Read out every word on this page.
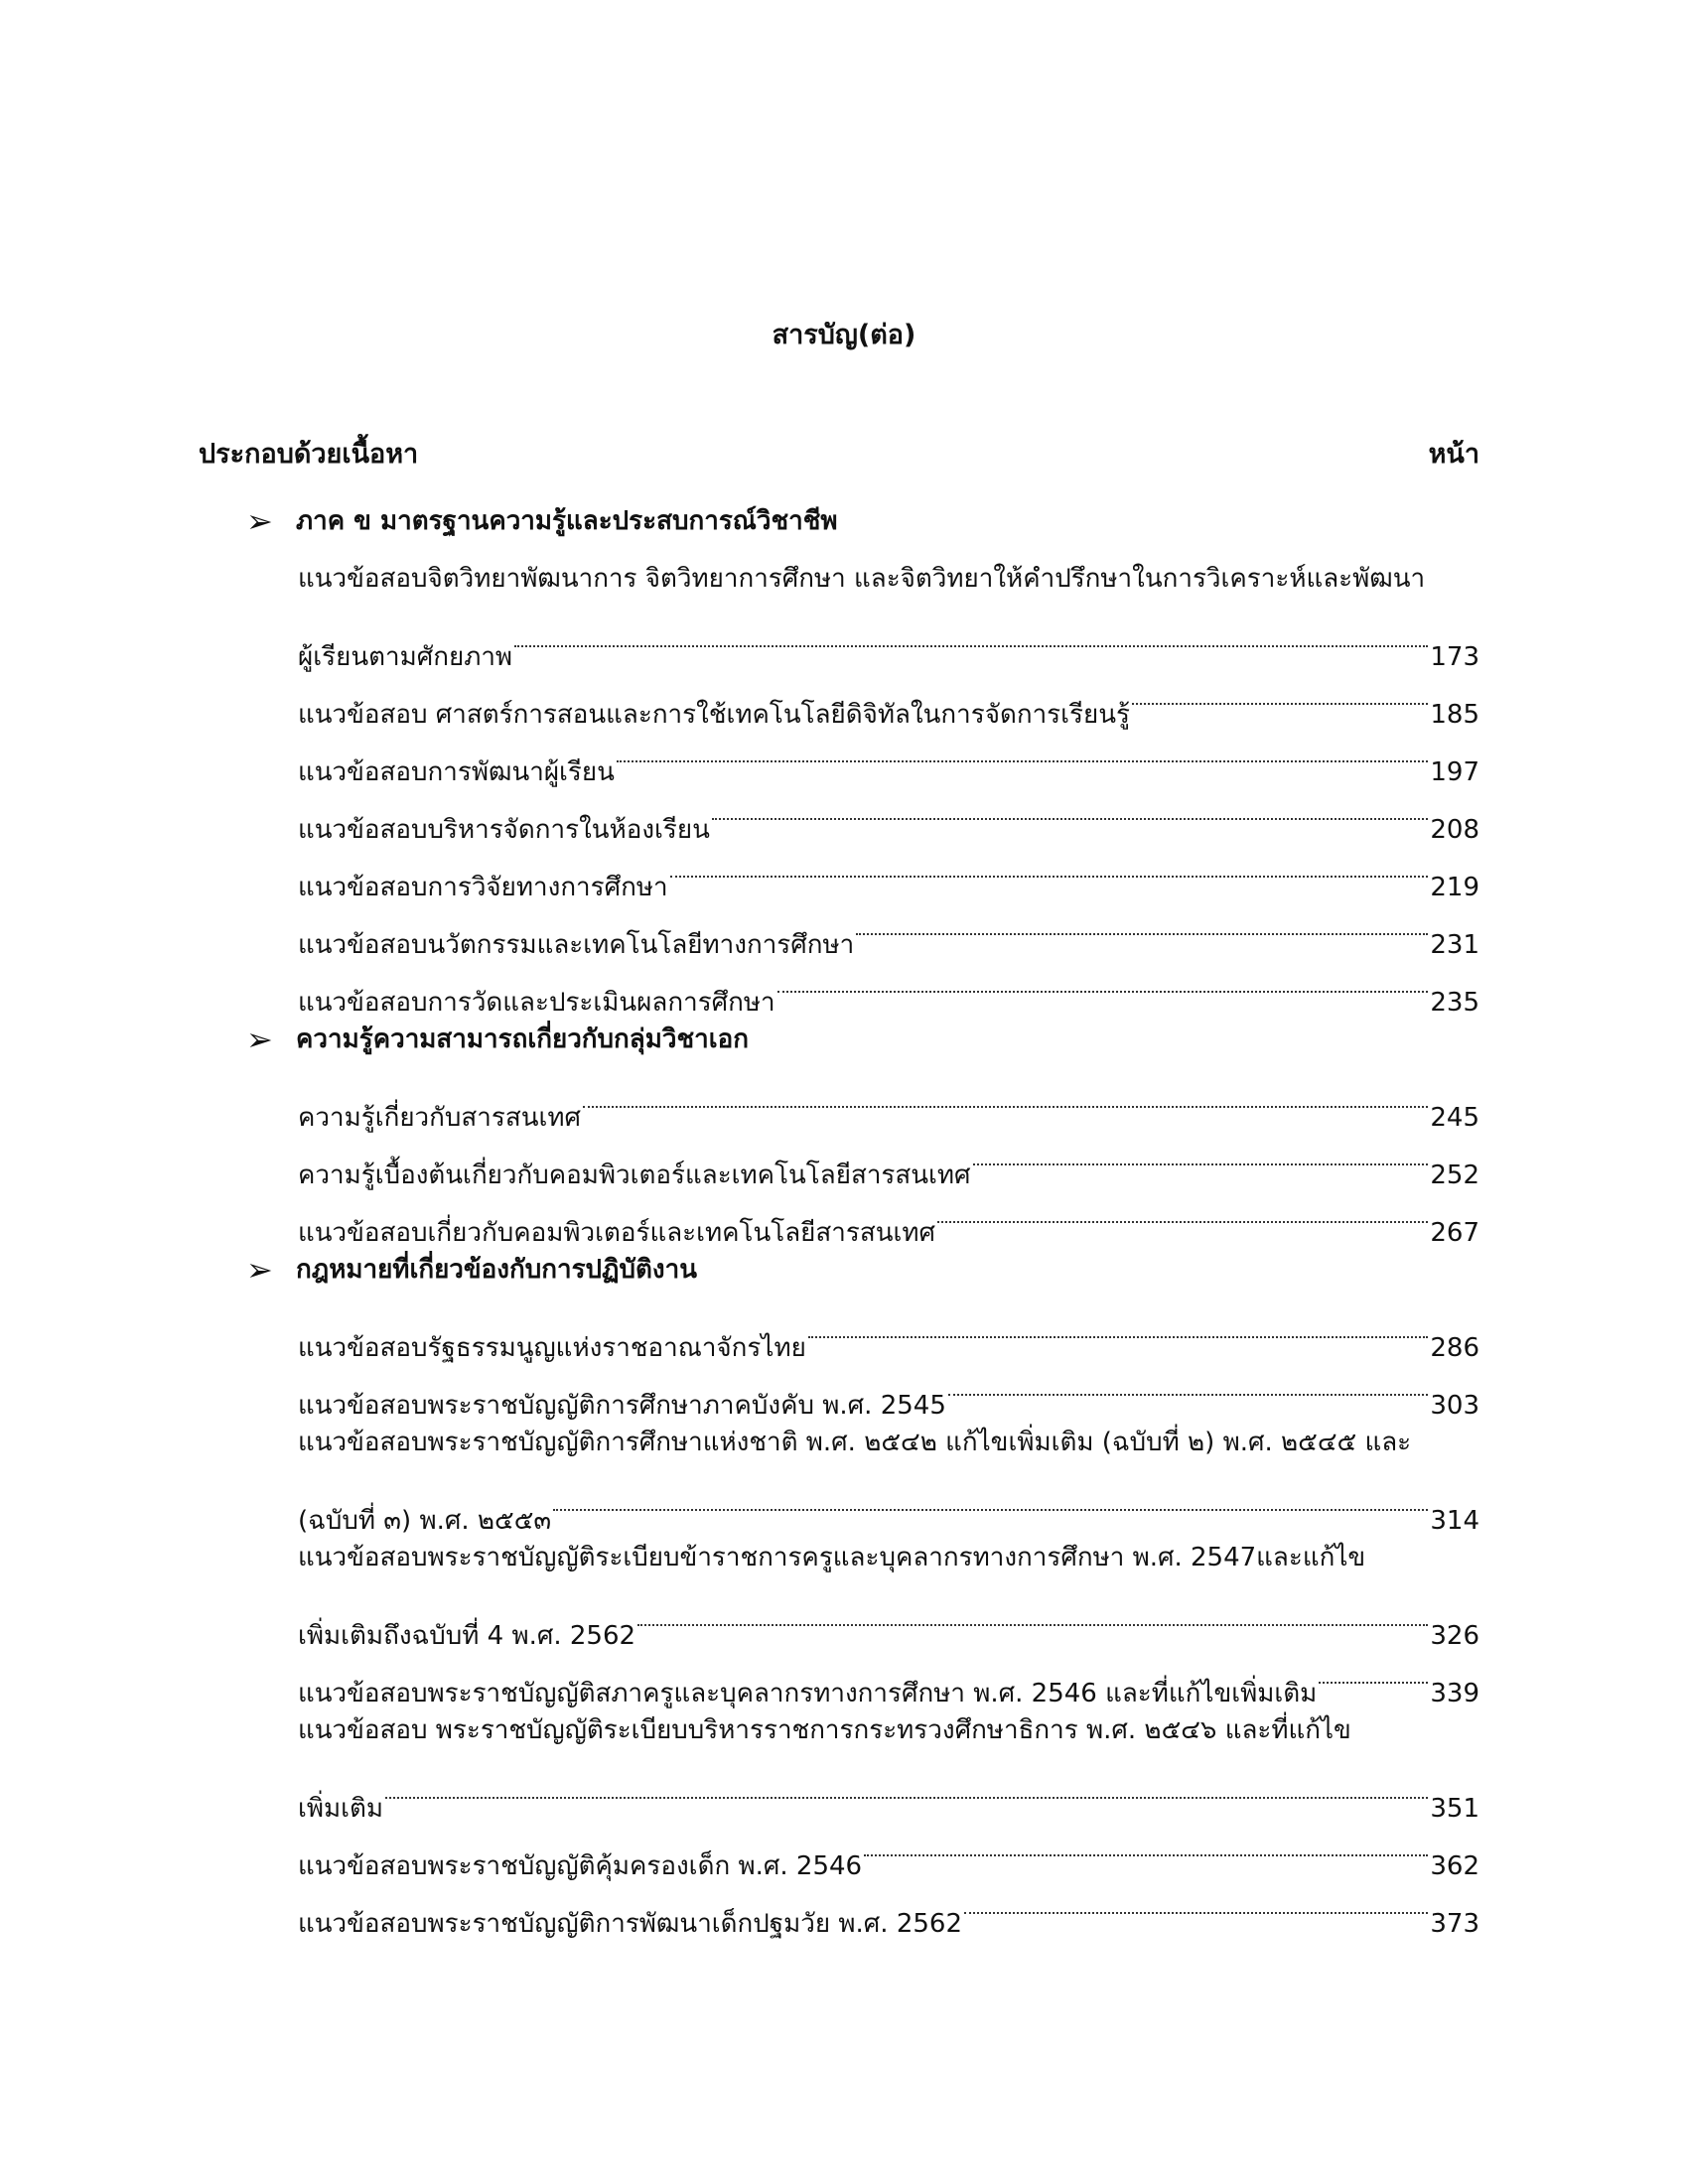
สารบัญ(ต่อ)
ประกอบด้วยเนื้อหา	หน้า
➢ ภาค ข มาตรฐานความรู้และประสบการณ์วิชาชีพ
แนวข้อสอบจิตวิทยาพัฒนาการ จิตวิทยาการศึกษา และจิตวิทยาให้คำปรึกษาในการวิเคราะห์และพัฒนา
ผู้เรียนตามศักยภาพ	173
แนวข้อสอบ ศาสตร์การสอนและการใช้เทคโนโลยีดิจิทัลในการจัดการเรียนรู้	185
แนวข้อสอบการพัฒนาผู้เรียน	197
แนวข้อสอบบริหารจัดการในห้องเรียน	208
แนวข้อสอบการวิจัยทางการศึกษา	219
แนวข้อสอบนวัตกรรมและเทคโนโลยีทางการศึกษา	231
แนวข้อสอบการวัดและประเมินผลการศึกษา	235
➢ ความรู้ความสามารถเกี่ยวกับกลุ่มวิชาเอก
ความรู้เกี่ยวกับสารสนเทศ	245
ความรู้เบื้องต้นเกี่ยวกับคอมพิวเตอร์และเทคโนโลยีสารสนเทศ	252
แนวข้อสอบเกี่ยวกับคอมพิวเตอร์และเทคโนโลยีสารสนเทศ	267
➢ กฎหมายที่เกี่ยวข้องกับการปฏิบัติงาน
แนวข้อสอบรัฐธรรมนูญแห่งราชอาณาจักรไทย	286
แนวข้อสอบพระราชบัญญัติการศึกษาภาคบังคับ พ.ศ. 2545	303
แนวข้อสอบพระราชบัญญัติการศึกษาแห่งชาติ พ.ศ. ๒๕๔๒ แก้ไขเพิ่มเติม (ฉบับที่ ๒) พ.ศ. ๒๕๔๕ และ
(ฉบับที่ ๓) พ.ศ. ๒๕๕๓	314
แนวข้อสอบพระราชบัญญัติระเบียบข้าราชการครูและบุคลากรทางการศึกษา พ.ศ. 2547และแก้ไข
เพิ่มเติมถึงฉบับที่ 4 พ.ศ. 2562	326
แนวข้อสอบพระราชบัญญัติสภาครูและบุคลากรทางการศึกษา พ.ศ. 2546 และที่แก้ไขเพิ่มเติม	339
แนวข้อสอบ พระราชบัญญัติระเบียบบริหารราชการกระทรวงศึกษาธิการ พ.ศ. ๒๕๔๖ และที่แก้ไข
เพิ่มเติม	351
แนวข้อสอบพระราชบัญญัติคุ้มครองเด็ก พ.ศ. 2546	362
แนวข้อสอบพระราชบัญญัติการพัฒนาเด็กปฐมวัย พ.ศ. 2562	373
